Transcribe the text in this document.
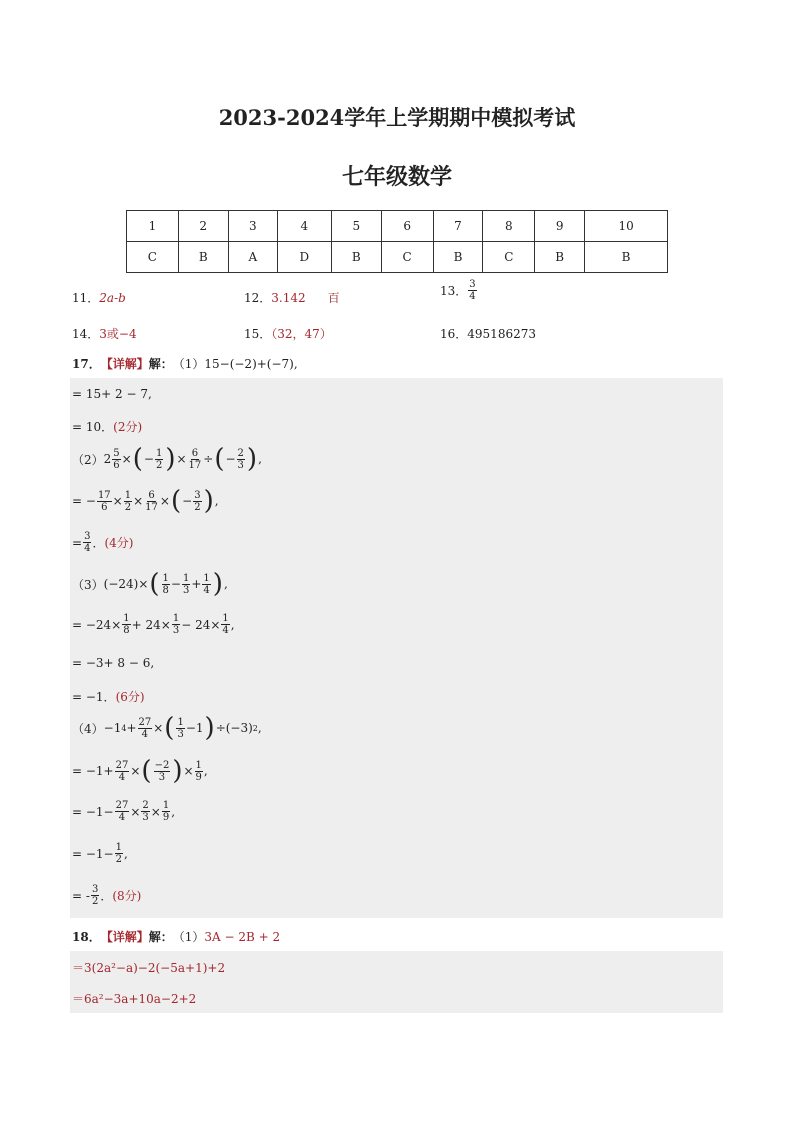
2023-2024学年上学期期中模拟考试
七年级数学
1	2	3	4	5	6	7	8	9	10
C	B	A	D	B	C	B	C	B	B
11．2a-b	12．3.142 百	13． $\frac{3}{4}$
14．3或−4	15．（32，47）	16．495186273
17． 【详解】 解： （1） 15−(−2)+(−7),
= 15+ 2 − 7,
= 10． (2分)
（2） $2 \frac{5}{6}$ × ( − $\frac{1}{2}$ ) × $\frac{6}{17}$ ÷ ( − $\frac{2}{3}$ ) ,
= − $\frac{17}{6} \times \frac{1}{2} \times \frac{6}{17}$ × ( − $\frac{3}{2}$ ) ,
= $\frac{3}{4}$ ． (4分)
（3） (−24)× ( $\frac{1}{8} - \frac{1}{3} + \frac{1}{4}$ ) ,
= $-24\times \frac{1}{8} + 24\times \frac{1}{3} - 24\times \frac{1}{4}$ ,
= −3+ 8 − 6,
= −1． (6分)
（4） −1 $4 + \frac{27}{4}$ × ( $\frac{1}{3} -1$ ) ÷(−3) 2 ,
= $-1+ \frac{27}{4}$ × ( $\frac{-2}{3}$ ) × $\frac{1}{9}$ ,
= $-1- \frac{27}{4} \times \frac{2}{3} \times \frac{1}{9}$ ,
= $-1- \frac{1}{2}$ ,
= - $\frac{3}{2}$ ． (8分)
18． 【详解】 解： （1） 3A − 2B + 2
＝3(2a²−a)−2(−5a+1)+2
＝6a²−3a+10a−2+2
